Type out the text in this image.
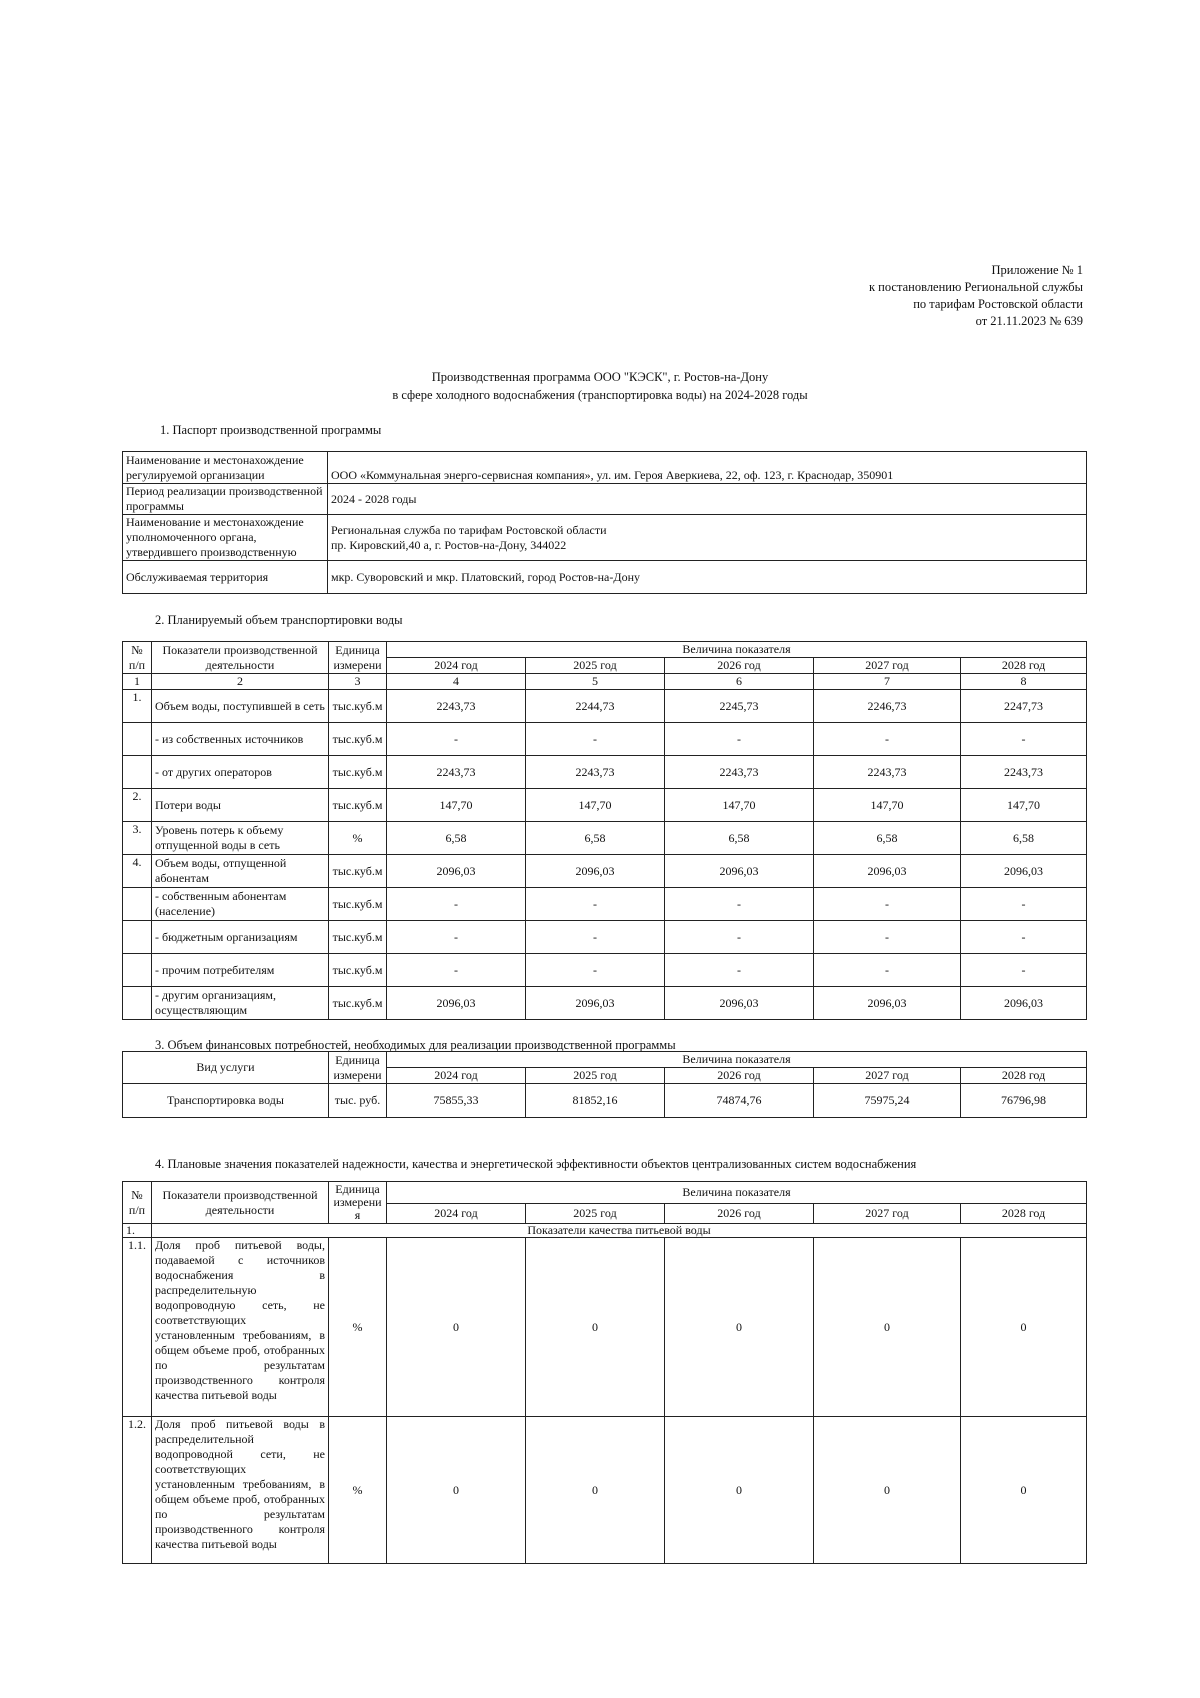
Приложение № 1
к постановлению Региональной службы
по тарифам Ростовской области
от 21.11.2023 № 639
Производственная программа ООО "КЭСК", г. Ростов-на-Дону
в сфере холодного водоснабжения (транспортировка воды) на 2024-2028 годы
1. Паспорт производственной программы
Наименование и местонахождение регулируемой организации	ООО «Коммунальная энерго-сервисная компания», ул. им. Героя Аверкиева, 22, оф. 123, г. Краснодар, 350901
Период реализации производственной программы	2024 - 2028 годы
Наименование и местонахождение уполномоченного органа, утвердившего производственную	Региональная служба по тарифам Ростовской области
пр. Кировский,40 а, г. Ростов-на-Дону, 344022

Обслуживаемая территория	мкр. Суворовский и мкр. Платовский, город Ростов-на-Дону
2. Планируемый объем транспортировки воды
№ п/п	Показатели производственной деятельности	Единица измерени	Величина показателя				
			2024 год	2025 год	2026 год	2027 год	2028 год
1	2	3	4	5	6	7	8
1.	Объем воды, поступившей в сеть	тыс.куб.м	2243,73	2244,73	2245,73	2246,73	2247,73
	- из собственных источников	тыс.куб.м	-	-	-	-	-
	- от других операторов	тыс.куб.м	2243,73	2243,73	2243,73	2243,73	2243,73
2.	Потери воды	тыс.куб.м	147,70	147,70	147,70	147,70	147,70
3.	Уровень потерь к объему отпущенной воды в сеть	%	6,58	6,58	6,58	6,58	6,58
4.	Объем воды, отпущенной абонентам	тыс.куб.м	2096,03	2096,03	2096,03	2096,03	2096,03
	- собственным абонентам (население)	тыс.куб.м	-	-	-	-	-
	- бюджетным организациям	тыс.куб.м	-	-	-	-	-
	- прочим потребителям	тыс.куб.м	-	-	-	-	-
	- другим организациям, осуществляющим	тыс.куб.м	2096,03	2096,03	2096,03	2096,03	2096,03
3. Объем финансовых потребностей, необходимых для реализации производственной программы
Вид услуги	Единица измерени	Величина показателя				
		2024 год	2025 год	2026 год	2027 год	2028 год
Транспортировка воды	тыс. руб.	75855,33	81852,16	74874,76	75975,24	76796,98
4. Плановые значения показателей надежности, качества и энергетической эффективности объектов централизованных систем водоснабжения
№ п/п	Показатели производственной деятельности	Единица измерени я	Величина показателя				
			2024 год	2025 год	2026 год	2027 год	2028 год
1.	Показатели качества питьевой воды						
1.1.	Доля проб питьевой воды, подаваемой с источников водоснабжения в распределительную водопроводную сеть, не соответствующих установленным требованиям, в общем объеме проб, отобранных по результатам производственного контроля качества питьевой воды	%	0	0	0	0	0
1.2.	Доля проб питьевой воды в распределительной водопроводной сети, не соответствующих установленным требованиям, в общем объеме проб, отобранных по результатам производственного контроля качества питьевой воды	%	0	0	0	0	0
